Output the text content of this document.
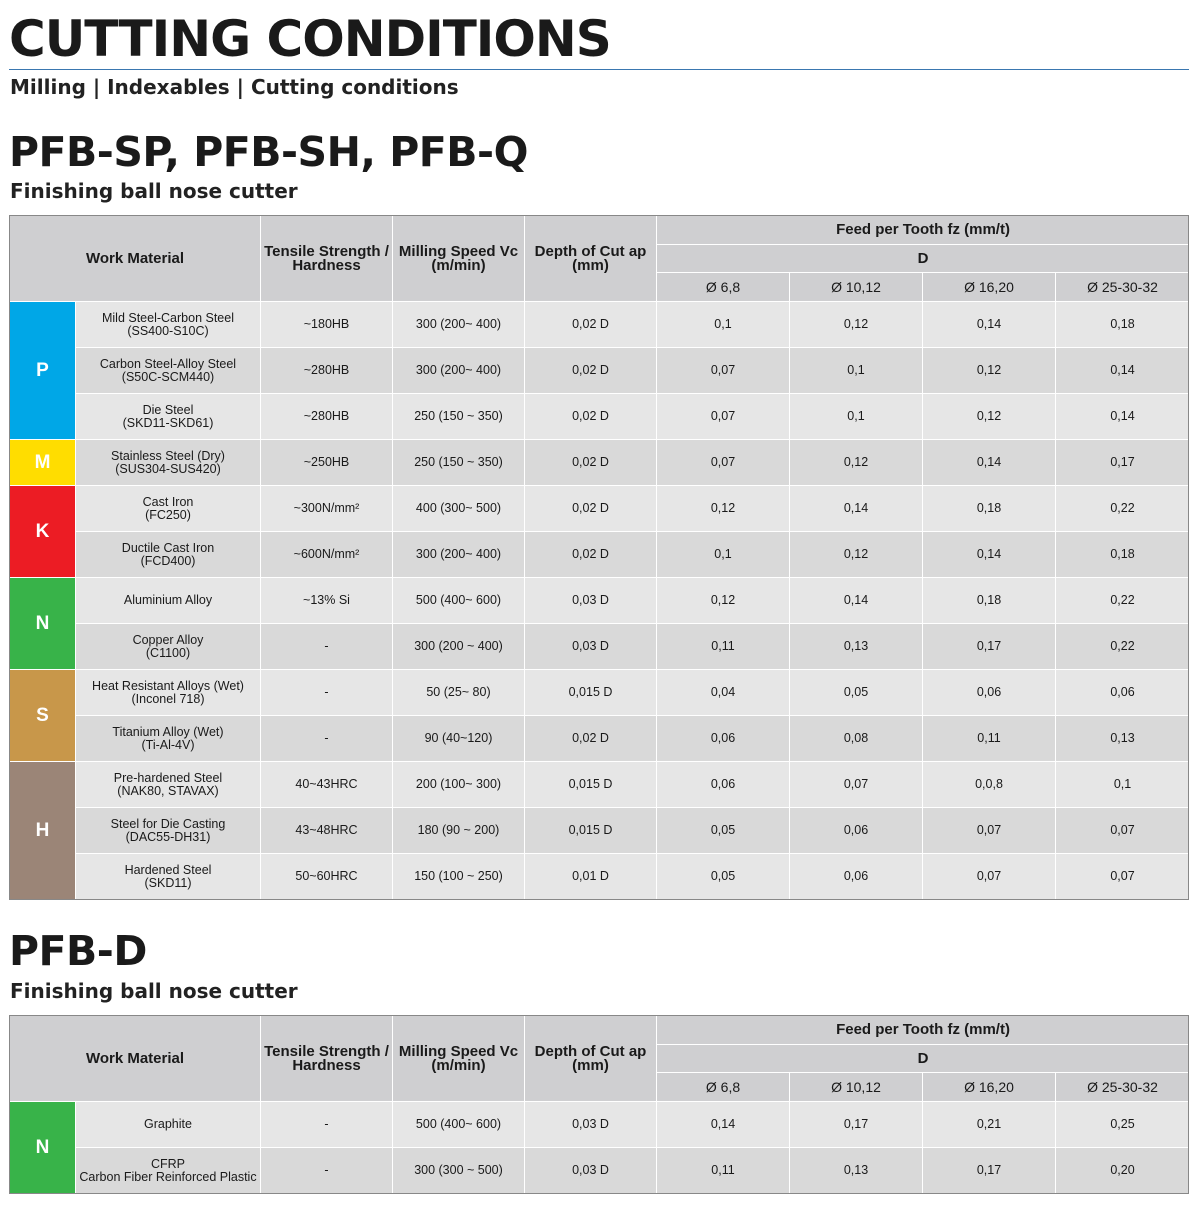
CUTTING CONDITIONS
Milling | Indexables | Cutting conditions
PFB-SP, PFB-SH, PFB-Q
Finishing ball nose cutter
Work Material		Tensile Strength / Hardness	Milling Speed Vc (m/min)	Depth of Cut ap (mm)	Feed per Tooth fz (mm/t)			
					D			
					Ø 6,8	Ø 10,12	Ø 16,20	Ø 25-30-32
P	Mild Steel-Carbon Steel
(SS400-S10C)	~180HB	300 (200~ 400)	0,02 D	0,1	0,12	0,14	0,18
	Carbon Steel-Alloy Steel
(S50C-SCM440)	~280HB	300 (200~ 400)	0,02 D	0,07	0,1	0,12	0,14
	Die Steel
(SKD11-SKD61)	~280HB	250 (150 ~ 350)	0,02 D	0,07	0,1	0,12	0,14
M	Stainless Steel (Dry)
(SUS304-SUS420)	~250HB	250 (150 ~ 350)	0,02 D	0,07	0,12	0,14	0,17
K	Cast Iron
(FC250)	~300N/mm²	400 (300~ 500)	0,02 D	0,12	0,14	0,18	0,22
	Ductile Cast Iron
(FCD400)	~600N/mm²	300 (200~ 400)	0,02 D	0,1	0,12	0,14	0,18
N	Aluminium Alloy	~13% Si	500 (400~ 600)	0,03 D	0,12	0,14	0,18	0,22
	Copper Alloy
(C1100)	-	300 (200 ~ 400)	0,03 D	0,11	0,13	0,17	0,22
S	Heat Resistant Alloys (Wet)
(Inconel 718)	-	50 (25~ 80)	0,015 D	0,04	0,05	0,06	0,06
	Titanium Alloy (Wet)
(Ti-Al-4V)	-	90 (40~120)	0,02 D	0,06	0,08	0,11	0,13
H	Pre-hardened Steel
(NAK80, STAVAX)	40~43HRC	200 (100~ 300)	0,015 D	0,06	0,07	0,0,8	0,1
	Steel for Die Casting
(DAC55-DH31)	43~48HRC	180 (90 ~ 200)	0,015 D	0,05	0,06	0,07	0,07
	Hardened Steel
(SKD11)	50~60HRC	150 (100 ~ 250)	0,01 D	0,05	0,06	0,07	0,07
PFB-D
Finishing ball nose cutter
Work Material		Tensile Strength / Hardness	Milling Speed Vc (m/min)	Depth of Cut ap (mm)	Feed per Tooth fz (mm/t)			
					D			
					Ø 6,8	Ø 10,12	Ø 16,20	Ø 25-30-32
N	Graphite	-	500 (400~ 600)	0,03 D	0,14	0,17	0,21	0,25
	CFRP
Carbon Fiber Reinforced Plastic	-	300 (300 ~ 500)	0,03 D	0,11	0,13	0,17	0,20
